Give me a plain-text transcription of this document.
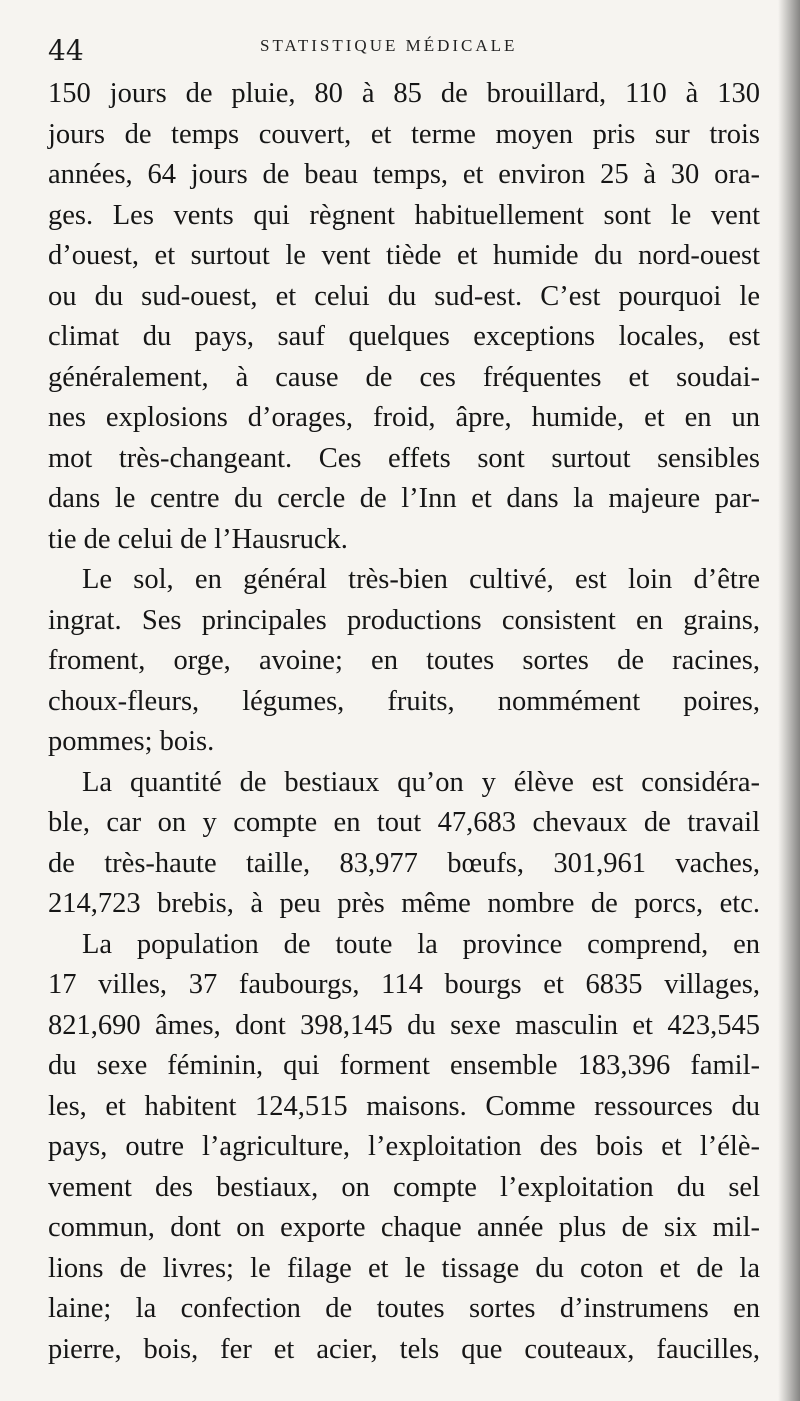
44	STATISTIQUE MÉDICALE

150 jours de pluie, 80 à 85 de brouillard, 110 à 130
jours de temps couvert, et terme moyen pris sur trois
années, 64 jours de beau temps, et environ 25 à 30 ora-
ges. Les vents qui règnent habituellement sont le vent
d’ouest, et surtout le vent tiède et humide du nord-ouest
ou du sud-ouest, et celui du sud-est. C’est pourquoi le
climat du pays, sauf quelques exceptions locales, est
généralement, à cause de ces fréquentes et soudai-
nes explosions d’orages, froid, âpre, humide, et en un
mot très-changeant. Ces effets sont surtout sensibles
dans le centre du cercle de l’Inn et dans la majeure par-
tie de celui de l’Hausruck.

Le sol, en général très-bien cultivé, est loin d’être
ingrat. Ses principales productions consistent en grains,
froment, orge, avoine; en toutes sortes de racines,
choux-fleurs, légumes, fruits, nommément poires,
pommes; bois.

La quantité de bestiaux qu’on y élève est considéra-
ble, car on y compte en tout 47,683 chevaux de travail
de très-haute taille, 83,977 bœufs, 301,961 vaches,
214,723 brebis, à peu près même nombre de porcs, etc.

La population de toute la province comprend, en
17 villes, 37 faubourgs, 114 bourgs et 6835 villages,
821,690 âmes, dont 398,145 du sexe masculin et 423,545
du sexe féminin, qui forment ensemble 183,396 famil-
les, et habitent 124,515 maisons. Comme ressources du
pays, outre l’agriculture, l’exploitation des bois et l’élè-
vement des bestiaux, on compte l’exploitation du sel
commun, dont on exporte chaque année plus de six mil-
lions de livres; le filage et le tissage du coton et de la
laine; la confection de toutes sortes d’instrumens en
pierre, bois, fer et acier, tels que couteaux, faucilles,
